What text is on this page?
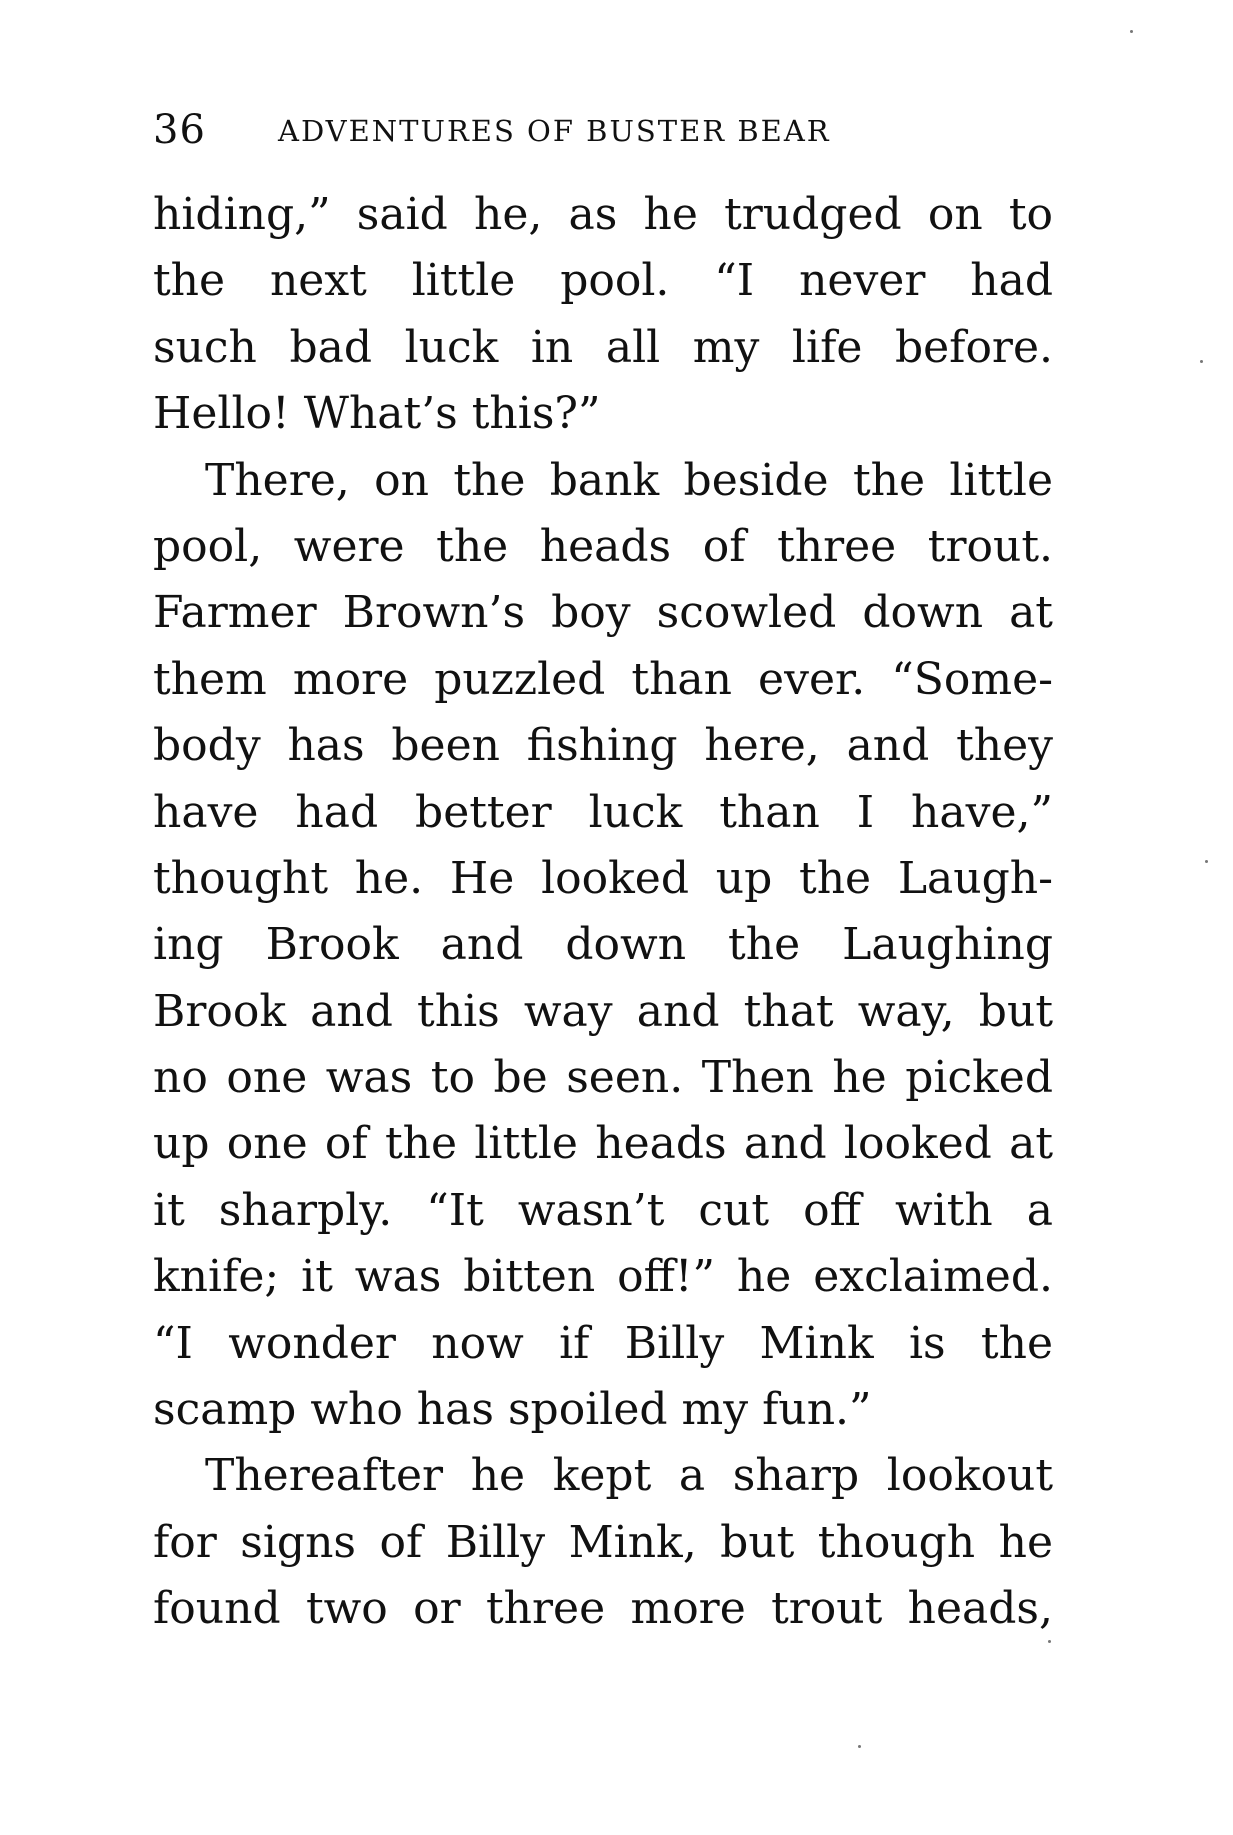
36 ADVENTURES OF BUSTER BEAR
hiding,” said he, as he trudged on to
the next little pool. “I never had
such bad luck in all my life before.
Hello! What’s this?”
There, on the bank beside the little
pool, were the heads of three trout.
Farmer Brown’s boy scowled down at
them more puzzled than ever. “Some-
body has been fishing here, and they
have had better luck than I have,”
thought he. He looked up the Laugh-
ing Brook and down the Laughing
Brook and this way and that way, but
no one was to be seen. Then he picked
up one of the little heads and looked at
it sharply. “It wasn’t cut off with a
knife; it was bitten off!” he exclaimed.
“I wonder now if Billy Mink is the
scamp who has spoiled my fun.”
Thereafter he kept a sharp lookout
for signs of Billy Mink, but though he
found two or three more trout heads,
